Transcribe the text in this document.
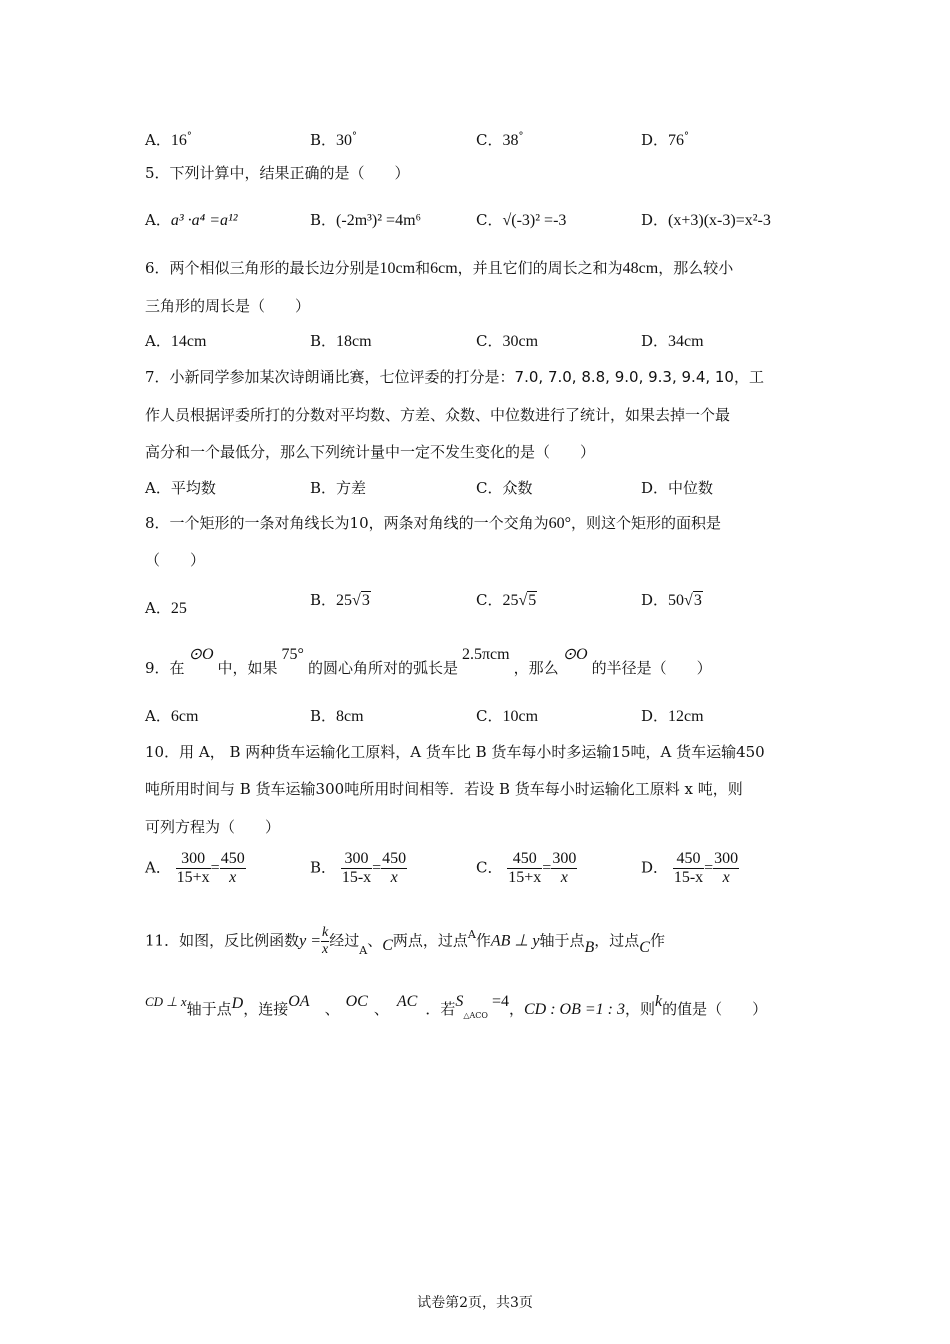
A．16°	B．30°	C．38°	D．76°
5．下列计算中，结果正确的是（　　）
A．a³ ·a⁴ =a¹²	B．(-2m³)² =4m⁶	C．√(-3)² =-3	D．(x+3)(x-3)=x²-3
6．两个相似三角形的最长边分别是10cm和6cm，并且它们的周长之和为48cm，那么较小
三角形的周长是（　　）
A．14cm	B．18cm	C．30cm	D．34cm
7．小新同学参加某次诗朗诵比赛，七位评委的打分是：7.0, 7.0, 8.8, 9.0, 9.3, 9.4, 10，工
作人员根据评委所打的分数对平均数、方差、众数、中位数进行了统计，如果去掉一个最
高分和一个最低分，那么下列统计量中一定不发生变化的是（　　）
A．平均数	B．方差	C．众数	D．中位数
8．一个矩形的一条对角线长为10，两条对角线的一个交角为60°，则这个矩形的面积是
（　　）
A．25	B．25√3	C．25√5	D．50√3
9．在⊙O中，如果75°的圆心角所对的弧长是2.5πcm，那么⊙O的半径是（　　）
A．6cm	B．8cm	C．10cm	D．12cm
10．用 A， B 两种货车运输化工原料，A 货车比 B 货车每小时多运输15吨，A 货车运输450
吨所用时间与 B 货车运输300吨所用时间相等．若设 B 货车每小时运输化工原料 x 吨，则
可列方程为（　　）
A． $\frac{300}{15+x} = \frac{450}{x}$	B． $\frac{300}{15-x} = \frac{450}{x}$	C． $\frac{450}{15+x} = \frac{300}{x}$	D． $\frac{450}{15-x} = \frac{300}{x}$
11．如图，反比例函数$y = \frac{k}{x}$ 经过$_A$、C两点，过点$^A$作AB ⊥ y轴于点B，过点C作
CD ⊥ x轴于点D，连接OA　 、 OC 、 AC ．若$S_{\triangle ACO}=4$，CD : OB =1 : 3，则k的值是（　　）
试卷第2页，共3页
